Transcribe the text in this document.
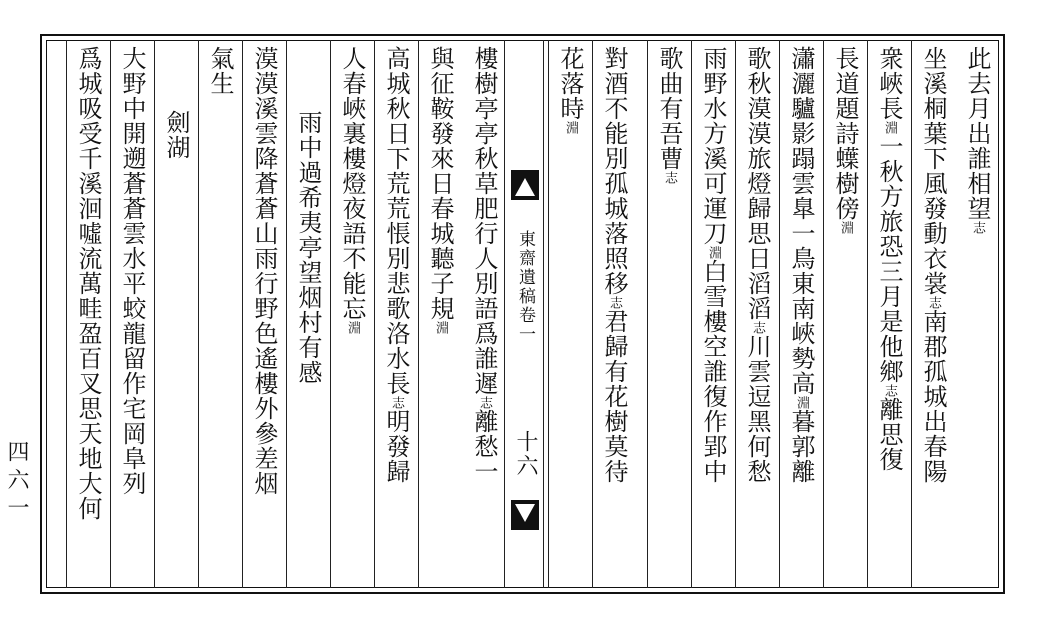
四六一
此去月出誰相望志
坐溪桐葉下風發動衣裳志南郡孤城出春陽
衆峽長淵一秋方旅恐三月是他鄉志離思復
長道題詩蠂樹傍淵
瀟灑驢影蹋雲臯一鳥東南峽勢高淵暮郭離
歌秋漠漠旅燈歸思日滔滔志川雲逗黑何愁
雨野水方溪可運刀淵白雪樓空誰復作郢中
歌曲有吾曹志
對酒不能別孤城落照移志君歸有花樹莫待
花落時淵
東齋遺稿卷一
十六
樓樹亭亭秋草肥行人別語爲誰遲志離愁一
與征鞍發來日春城聽子規淵
高城秋日下荒荒悵別悲歌洛水長志明發歸
人春峽裏樓燈夜語不能忘淵
雨中過希夷亭望烟村有感
漠漠溪雲降蒼蒼山雨行野色遙樓外參差烟
氣生
劍湖
大野中開遡蒼蒼雲水平蛟龍留作宅岡阜列
爲城吸受千溪洄噓流萬畦盈百叉思天地大何
